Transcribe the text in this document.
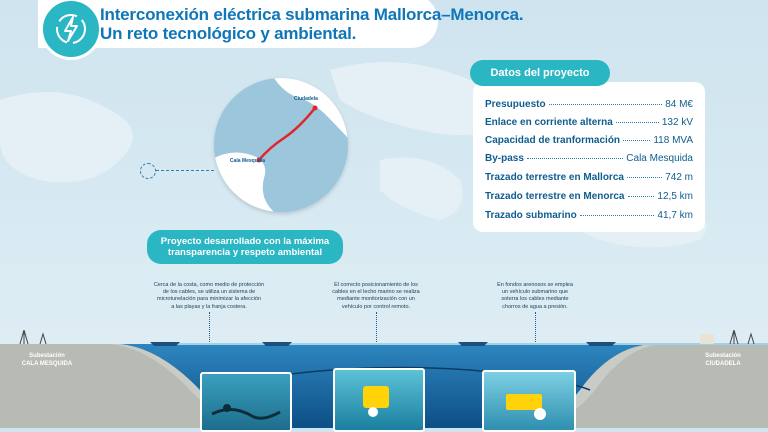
Interconexión eléctrica submarina Mallorca–Menorca.
Un reto tecnológico y ambiental.
Ciudadela
Cala Mesquida
Proyecto desarrollado con la máxima
transparencia y respeto ambiental
Datos del proyecto
Presupuesto	84 M€
Enlace en corriente alterna	132 kV
Capacidad de tranformación	118 MVA
By-pass	Cala Mesquida
Trazado terrestre en Mallorca	742 m
Trazado terrestre en Menorca	12,5 km
Trazado submarino	41,7 km
Cerca de la costa, como medio de protección
de los cables, se utiliza un sistema de
microtunelación para minimizar la afección
a las playas y la franja costera.
El correcto posicionamiento de los
cables en el lecho marino se realiza
mediante monitorización con un
vehículo por control remoto.
En fondos arenosos se emplea
un vehículo submarino que
soterra los cables mediante
chorros de agua a presión.
Subestación
CALA MESQUIDA
Subestación
CIUDADELA
